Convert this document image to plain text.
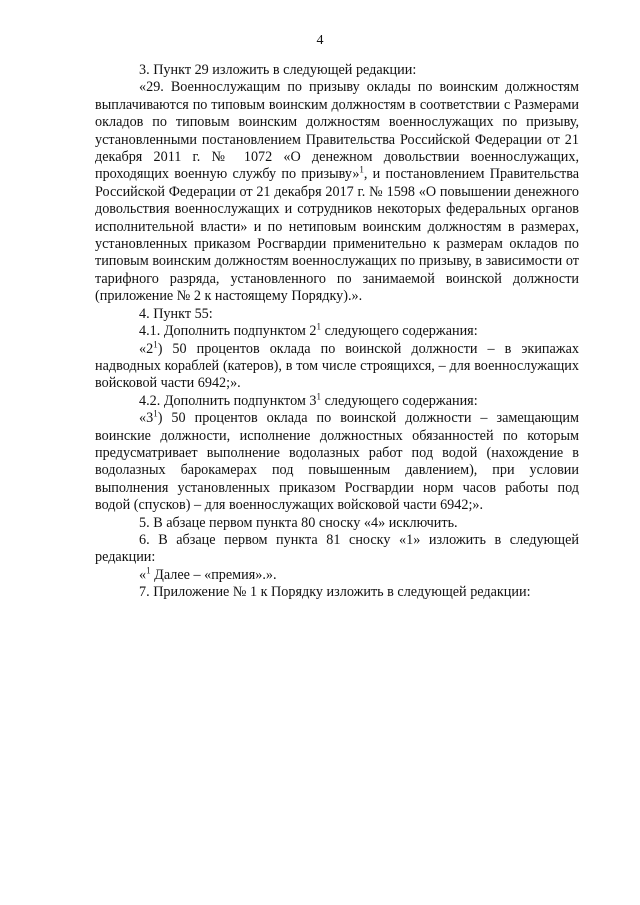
4

3. Пункт 29 изложить в следующей редакции:

«29. Военнослужащим по призыву оклады по воинским должностям выплачиваются по типовым воинским должностям в соответствии с Размерами окладов по типовым воинским должностям военнослужащих по призыву, установленными постановлением Правительства Российской Федерации от 21 декабря 2011 г. № 1072 «О денежном довольствии военнослужащих, проходящих военную службу по призыву»$^1$, и постановлением Правительства Российской Федерации от 21 декабря 2017 г. № 1598 «О повышении денежного довольствия военнослужащих и сотрудников некоторых федеральных органов исполнительной власти» и по нетиповым воинским должностям в размерах, установленных приказом Росгвардии применительно к размерам окладов по типовым воинским должностям военнослужащих по призыву, в зависимости от тарифного разряда, установленного по занимаемой воинской должности (приложение № 2 к настоящему Порядку).».

4. Пункт 55:

4.1. Дополнить подпунктом $2^1$ следующего содержания:

«$2^1$) 50 процентов оклада по воинской должности – в экипажах надводных кораблей (катеров), в том числе строящихся, – для военнослужащих войсковой части 6942;».

4.2. Дополнить подпунктом $3^1$ следующего содержания:

«$3^1$) 50 процентов оклада по воинской должности – замещающим воинские должности, исполнение должностных обязанностей по которым предусматривает выполнение водолазных работ под водой (нахождение в водолазных барокамерах под повышенным давлением), при условии выполнения установленных приказом Росгвардии норм часов работы под водой (спусков) – для военнослужащих войсковой части 6942;».

5. В абзаце первом пункта 80 сноску «4» исключить.

6. В абзаце первом пункта 81 сноску «1» изложить в следующей редакции:

«$^1$ Далее – «премия».».

7. Приложение № 1 к Порядку изложить в следующей редакции:
